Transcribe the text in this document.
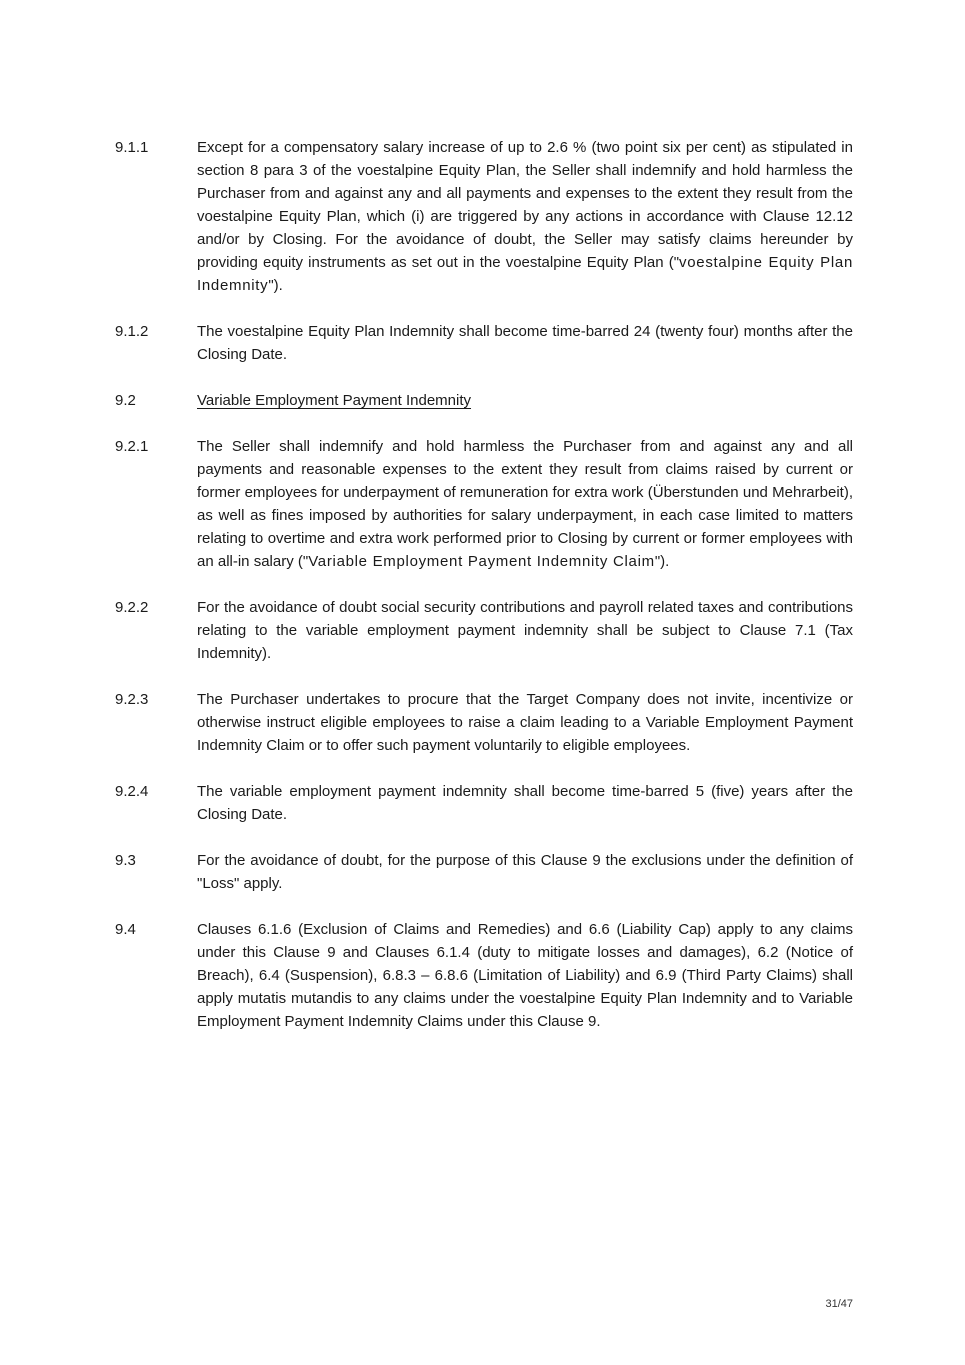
9.1.1	Except for a compensatory salary increase of up to 2.6 % (two point six per cent) as stipulated in section 8 para 3 of the voestalpine Equity Plan, the Seller shall indemnify and hold harmless the Purchaser from and against any and all payments and expenses to the extent they result from the voestalpine Equity Plan, which (i) are triggered by any actions in accordance with Clause 12.12 and/or by Closing. For the avoidance of doubt, the Seller may satisfy claims hereunder by providing equity instruments as set out in the voestalpine Equity Plan ("voestalpine Equity Plan Indemnity").
9.1.2	The voestalpine Equity Plan Indemnity shall become time-barred 24 (twenty four) months after the Closing Date.
9.2	Variable Employment Payment Indemnity
9.2.1	The Seller shall indemnify and hold harmless the Purchaser from and against any and all payments and reasonable expenses to the extent they result from claims raised by current or former employees for underpayment of remuneration for extra work (Überstunden und Mehrarbeit), as well as fines imposed by authorities for salary underpayment, in each case limited to matters relating to overtime and extra work performed prior to Closing by current or former employees with an all-in salary ("Variable Employment Payment Indemnity Claim").
9.2.2	For the avoidance of doubt social security contributions and payroll related taxes and contributions relating to the variable employment payment indemnity shall be subject to Clause 7.1 (Tax Indemnity).
9.2.3	The Purchaser undertakes to procure that the Target Company does not invite, incentivize or otherwise instruct eligible employees to raise a claim leading to a Variable Employment Payment Indemnity Claim or to offer such payment voluntarily to eligible employees.
9.2.4	The variable employment payment indemnity shall become time-barred 5 (five) years after the Closing Date.
9.3	For the avoidance of doubt, for the purpose of this Clause 9 the exclusions under the definition of "Loss" apply.
9.4	Clauses 6.1.6 (Exclusion of Claims and Remedies) and 6.6 (Liability Cap) apply to any claims under this Clause 9 and Clauses 6.1.4 (duty to mitigate losses and damages), 6.2 (Notice of Breach), 6.4 (Suspension), 6.8.3 – 6.8.6 (Limitation of Liability) and 6.9 (Third Party Claims) shall apply mutatis mutandis to any claims under the voestalpine Equity Plan Indemnity and to Variable Employment Payment Indemnity Claims under this Clause 9.
31/47
